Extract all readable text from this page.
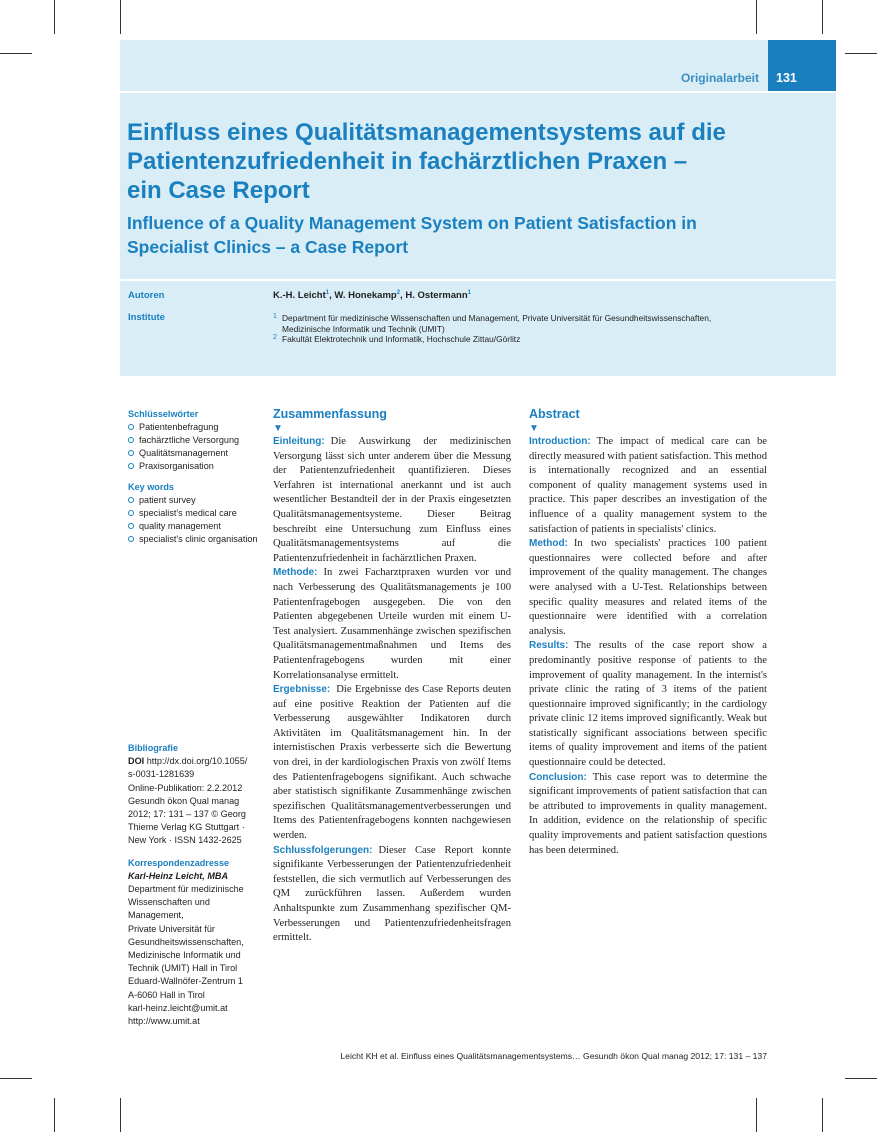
Originalarbeit 131
Einfluss eines Qualitätsmanagementsystems auf die
Patientenzufriedenheit in fachärztlichen Praxen –
ein Case Report
Influence of a Quality Management System on Patient Satisfaction in
Specialist Clinics – a Case Report
Autoren	K.-H. Leicht$^1$, W. Honekamp$^2$, H. Ostermann$^1$
Institute	1 Department für medizinische Wissenschaften und Management, Private Universität für Gesundheitswissenschaften,
Medizinische Informatik und Technik (UMIT)
2 Fakultät Elektrotechnik und Informatik, Hochschule Zittau/Görlitz
Schlüsselwörter
Patientenbefragung
fachärztliche Versorgung
Qualitätsmanagement
Praxisorganisation
Key words
patient survey
specialist's medical care
quality management
specialist's clinic organisation
Bibliografie
DOI http://dx.doi.org/10.1055/
s-0031-1281639
Online-Publikation: 2.2.2012
Gesundh ökon Qual manag
2012; 17: 131 – 137 © Georg
Thieme Verlag KG Stuttgart ·
New York · ISSN 1432-2625
Korrespondenzadresse
Karl-Heinz Leicht, MBA
Department für medizinische
Wissenschaften und
Management,
Private Universität für
Gesundheitswissenschaften,
Medizinische Informatik und
Technik (UMIT) Hall in Tirol
Eduard-Wallnöfer-Zentrum 1
A-6060 Hall in Tirol
karl-heinz.leicht@umit.at
http://www.umit.at
Zusammenfassung
▼

Einleitung: Die Auswirkung der medizinischen Versorgung lässt sich unter anderem über die Messung der Patientenzufriedenheit quantifizieren. Dieses Verfahren ist international anerkannt und ist auch wesentlicher Bestandteil der in der Praxis eingesetzten Qualitätsmanagementsysteme. Dieser Beitrag beschreibt eine Untersuchung zum Einfluss eines Qualitätsmanagementsystems auf die Patientenzufriedenheit in fachärztlichen Praxen.

Methode: In zwei Facharztpraxen wurden vor und nach Verbesserung des Qualitätsmanagements je 100 Patientenfragebogen ausgegeben. Die von den Patienten abgegebenen Urteile wurden mit einem U-Test analysiert. Zusammenhänge zwischen spezifischen Qualitätsmanagementmaßnahmen und Items des Patientenfragebogens wurden mit einer Korrelationsanalyse ermittelt.

Ergebnisse: Die Ergebnisse des Case Reports deuten auf eine positive Reaktion der Patienten auf die Verbesserung ausgewählter Indikatoren durch Aktivitäten im Qualitätsmanagement hin. In der internistischen Praxis verbesserte sich die Bewertung von drei, in der kardiologischen Praxis von zwölf Items des Patientenfragebogens signifikant. Auch schwache aber statistisch signifikante Zusammenhänge zwischen spezifischen Qualitätsmanagementverbesserungen und Items des Patientenfragebogens konnten nachgewiesen werden.

Schlussfolgerungen: Dieser Case Report konnte signifikante Verbesserungen der Patientenzufriedenheit feststellen, die sich vermutlich auf Verbesserungen des QM zurückführen lassen. Außerdem wurden Anhaltspunkte zum Zusammenhang spezifischer QM-Verbesserungen und Patientenzufriedenheitsfragen ermittelt.

Abstract
▼

Introduction: The impact of medical care can be directly measured with patient satisfaction. This method is internationally recognized and an essential component of quality management systems used in practice. This paper describes an investigation of the influence of a quality management system to the satisfaction of patients in specialists' clinics.

Method: In two specialists' practices 100 patient questionnaires were collected before and after improvement of the quality management. The changes were analysed with a U-Test. Relationships between specific quality measures and related items of the questionnaire were identified with a correlation analysis.

Results: The results of the case report show a predominantly positive response of patients to the improvement of quality management. In the internist's private clinic the rating of 3 items of the patient questionnaire improved significantly; in the cardiology private clinic 12 items improved significantly. Weak but statistically significant associations between specific items of quality improvement and items of the patient questionnaire could be detected.

Conclusion: This case report was to determine the significant improvements of patient satisfaction that can be attributed to improvements in quality management. In addition, evidence on the relationship of specific quality improvements and patient satisfaction questions has been determined.

Leicht KH et al. Einfluss eines Qualitätsmanagementsystems… Gesundh ökon Qual manag 2012; 17: 131 – 137
